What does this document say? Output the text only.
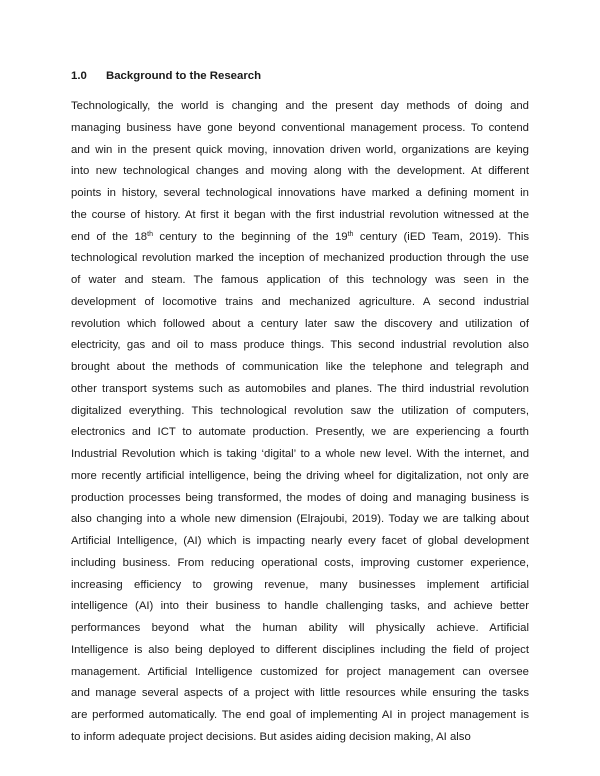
1.0 Background to the Research
Technologically, the world is changing and the present day methods of doing and
managing business have gone beyond conventional management process. To contend
and win in the present quick moving, innovation driven world, organizations are keying
into new technological changes and moving along with the development. At different
points in history, several technological innovations have marked a defining moment in
the course of history. At first it began with the first industrial revolution witnessed at the
end of the 18th century to the beginning of the 19th century (iED Team, 2019). This
technological revolution marked the inception of mechanized production through the use
of water and steam. The famous application of this technology was seen in the
development of locomotive trains and mechanized agriculture. A second industrial
revolution which followed about a century later saw the discovery and utilization of
electricity, gas and oil to mass produce things. This second industrial revolution also
brought about the methods of communication like the telephone and telegraph and
other transport systems such as automobiles and planes. The third industrial revolution
digitalized everything. This technological revolution saw the utilization of computers,
electronics and ICT to automate production. Presently, we are experiencing a fourth
Industrial Revolution which is taking ‘digital’ to a whole new level. With the internet, and
more recently artificial intelligence, being the driving wheel for digitalization, not only are
production processes being transformed, the modes of doing and managing business is
also changing into a whole new dimension (Elrajoubi, 2019). Today we are talking about
Artificial Intelligence, (AI) which is impacting nearly every facet of global development
including business. From reducing operational costs, improving customer experience,
increasing efficiency to growing revenue, many businesses implement artificial
intelligence (AI) into their business to handle challenging tasks, and achieve better
performances beyond what the human ability will physically achieve. Artificial
Intelligence is also being deployed to different disciplines including the field of project
management. Artificial Intelligence customized for project management can oversee
and manage several aspects of a project with little resources while ensuring the tasks
are performed automatically. The end goal of implementing AI in project management is
to inform adequate project decisions. But asides aiding decision making, AI also
